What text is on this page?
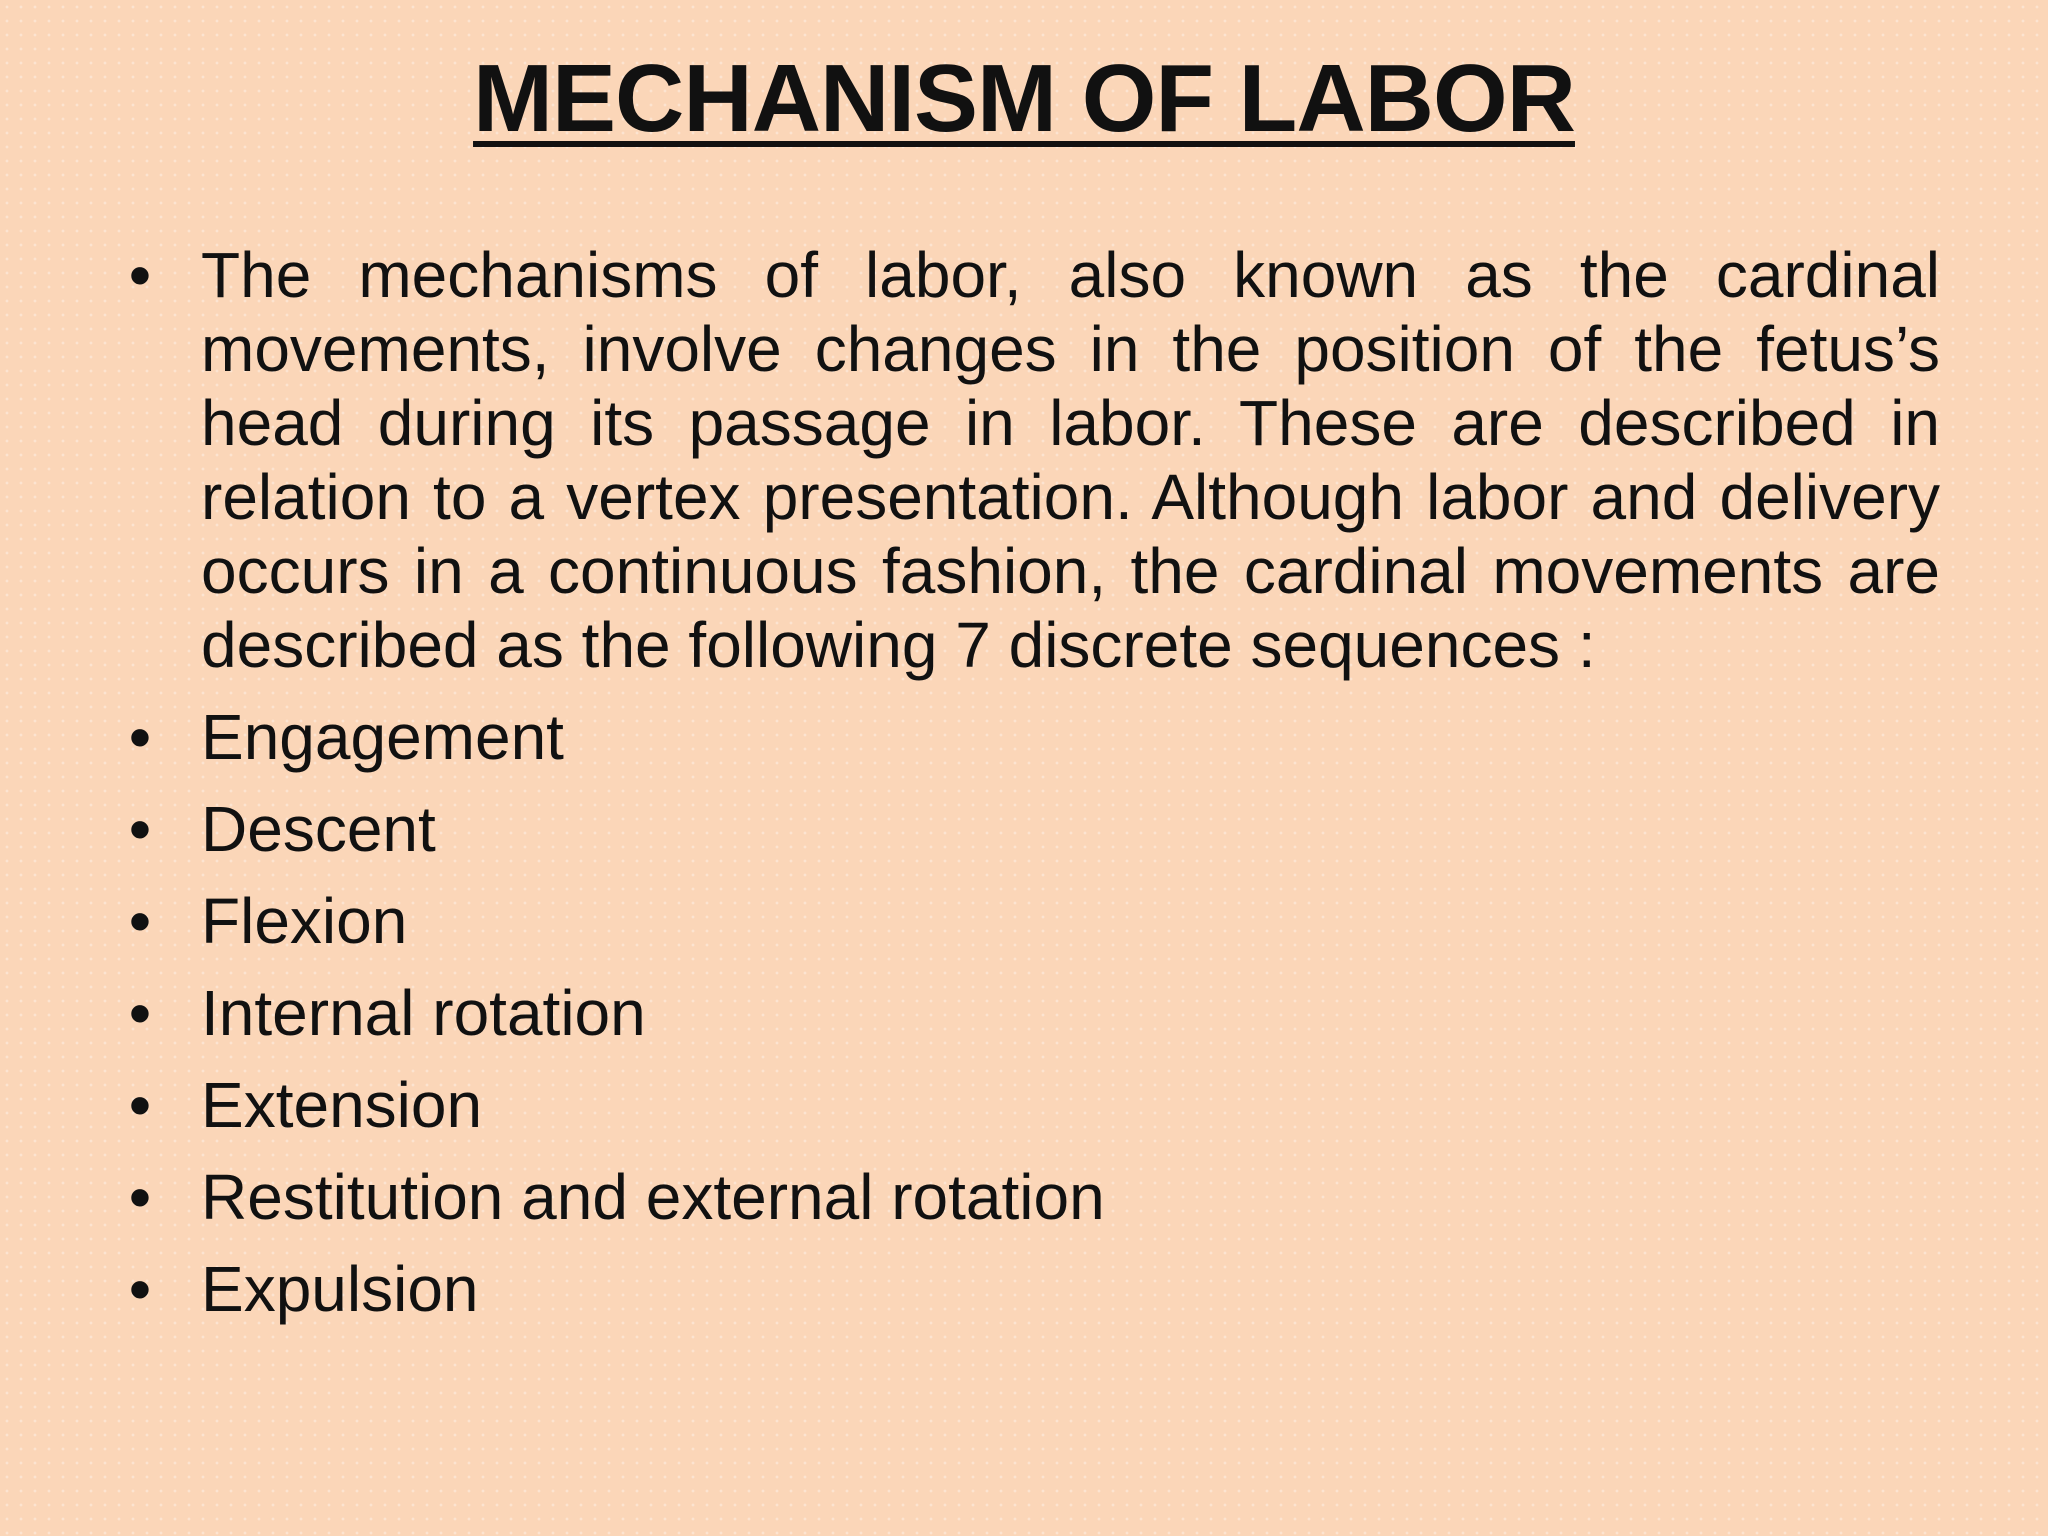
MECHANISM OF LABOR
• The mechanisms of labor, also known as the cardinal movements, involve changes in the position of the fetus’s head during its passage in labor. These are described in relation to a vertex presentation. Although labor and delivery occurs in a continuous fashion, the cardinal movements are described as the following 7 discrete sequences :
• Engagement
• Descent
• Flexion
• Internal rotation
• Extension
• Restitution and external rotation
• Expulsion
